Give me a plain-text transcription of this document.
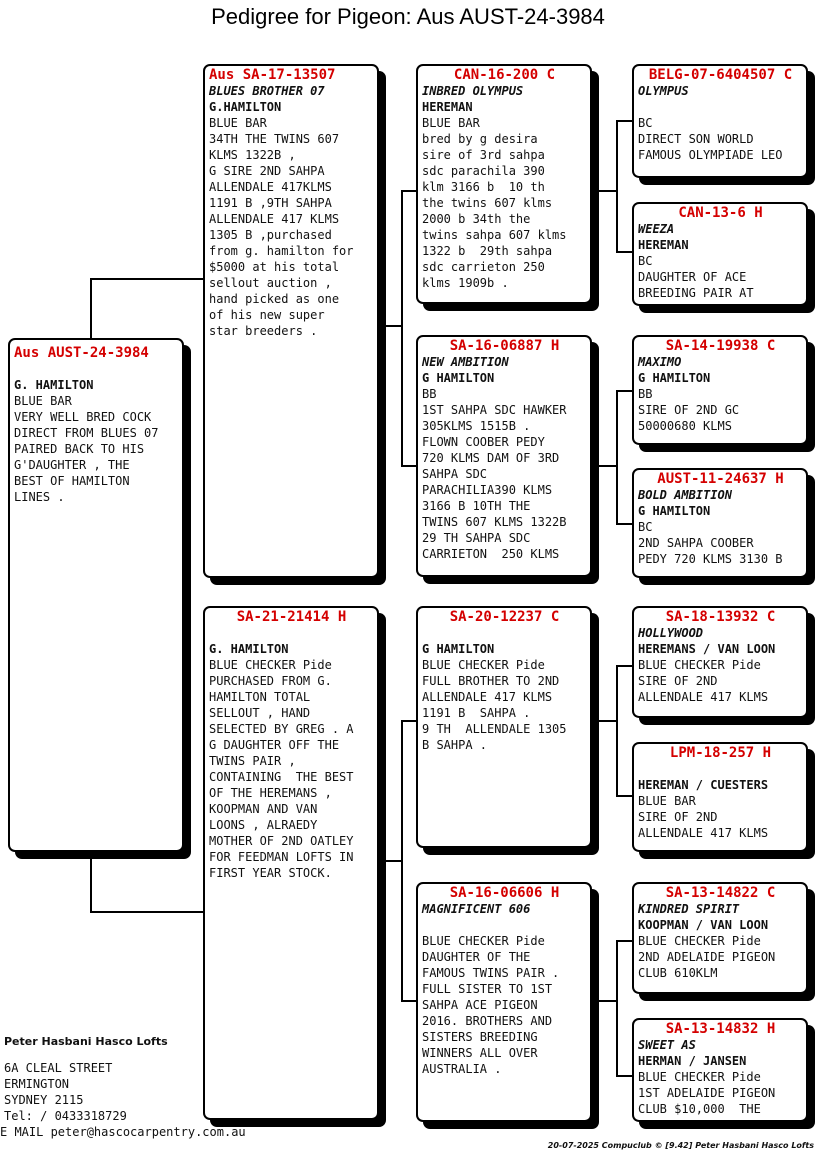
Pedigree for Pigeon: Aus AUST-24-3984
Aus AUST-24-3984
G. HAMILTON
BLUE BAR
VERY WELL BRED COCK
DIRECT FROM BLUES 07
PAIRED BACK TO HIS
G'DAUGHTER , THE
BEST OF HAMILTON
LINES .
Aus SA-17-13507
BLUES BROTHER 07
G.HAMILTON
BLUE BAR
34TH THE TWINS 607
KLMS 1322B ,
G SIRE 2ND SAHPA
ALLENDALE 417KLMS
1191 B ,9TH SAHPA
ALLENDALE 417 KLMS
1305 B ,purchased
from g. hamilton for
$5000 at his total
sellout auction ,
hand picked as one
of his new super
star breeders .
SA-21-21414 H
G. HAMILTON
BLUE CHECKER Pide
PURCHASED FROM G.
HAMILTON TOTAL
SELLOUT , HAND
SELECTED BY GREG . A
G DAUGHTER OFF THE
TWINS PAIR ,
CONTAINING  THE BEST
OF THE HEREMANS ,
KOOPMAN AND VAN
LOONS , ALRAEDY
MOTHER OF 2ND OATLEY
FOR FEEDMAN LOFTS IN
FIRST YEAR STOCK.
CAN-16-200 C
INBRED OLYMPUS
HEREMAN
BLUE BAR
bred by g desira
sire of 3rd sahpa
sdc parachila 390
klm 3166 b  10 th
the twins 607 klms
2000 b 34th the
twins sahpa 607 klms
1322 b  29th sahpa
sdc carrieton 250
klms 1909b .
SA-16-06887 H
NEW AMBITION
G HAMILTON
BB
1ST SAHPA SDC HAWKER
305KLMS 1515B .
FLOWN COOBER PEDY
720 KLMS DAM OF 3RD
SAHPA SDC
PARACHILIA390 KLMS
3166 B 10TH THE
TWINS 607 KLMS 1322B
29 TH SAHPA SDC
CARRIETON  250 KLMS
SA-20-12237 C
G HAMILTON
BLUE CHECKER Pide
FULL BROTHER TO 2ND
ALLENDALE 417 KLMS
1191 B  SAHPA .
9 TH  ALLENDALE 1305
B SAHPA .
SA-16-06606 H
MAGNIFICENT 606
BLUE CHECKER Pide
DAUGHTER OF THE
FAMOUS TWINS PAIR .
FULL SISTER TO 1ST
SAHPA ACE PIGEON
2016. BROTHERS AND
SISTERS BREEDING
WINNERS ALL OVER
AUSTRALIA .
BELG-07-6404507 C
OLYMPUS
BC
DIRECT SON WORLD
FAMOUS OLYMPIADE LEO
CAN-13-6 H
WEEZA
HEREMAN
BC
DAUGHTER OF ACE
BREEDING PAIR AT
SA-14-19938 C
MAXIMO
G HAMILTON
BB
SIRE OF 2ND GC
50000680 KLMS
AUST-11-24637 H
BOLD AMBITION
G HAMILTON
BC
2ND SAHPA COOBER
PEDY 720 KLMS 3130 B
SA-18-13932 C
HOLLYWOOD
HEREMANS / VAN LOON
BLUE CHECKER Pide
SIRE OF 2ND
ALLENDALE 417 KLMS
LPM-18-257 H
HEREMAN / CUESTERS
BLUE BAR
SIRE OF 2ND
ALLENDALE 417 KLMS
SA-13-14822 C
KINDRED SPIRIT
KOOPMAN / VAN LOON
BLUE CHECKER Pide
2ND ADELAIDE PIGEON
CLUB 610KLM
SA-13-14832 H
SWEET AS
HERMAN / JANSEN
BLUE CHECKER Pide
1ST ADELAIDE PIGEON
CLUB $10,000  THE
Peter Hasbani Hasco Lofts
6A CLEAL STREET
ERMINGTON
SYDNEY 2115
Tel: / 0433318729
E MAIL peter@hascocarpentry.com.au
20-07-2025 Compuclub © [9.42] Peter Hasbani Hasco Lofts
